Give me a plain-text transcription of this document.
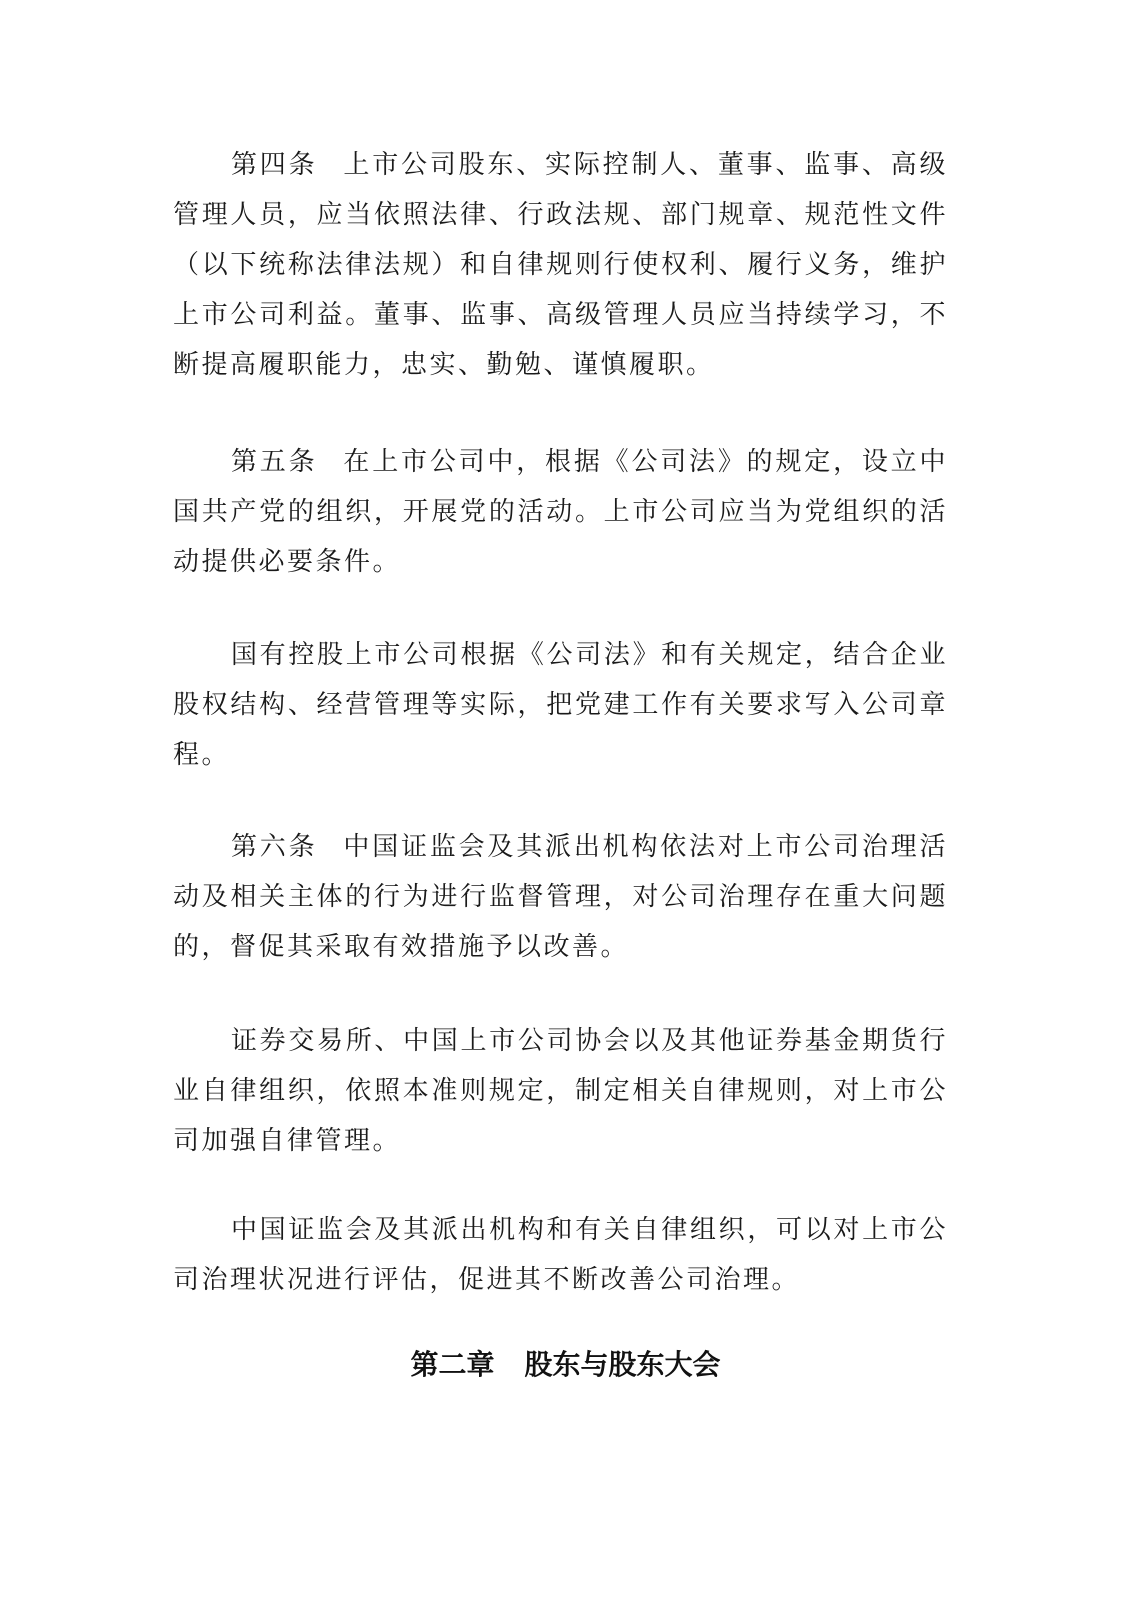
第四条 上市公司股东、实际控制人、董事、监事、高级管理人员，应当依照法律、行政法规、部门规章、规范性文件（以下统称法律法规）和自律规则行使权利、履行义务，维护上市公司利益。董事、监事、高级管理人员应当持续学习，不断提高履职能力，忠实、勤勉、谨慎履职。

第五条 在上市公司中，根据《公司法》的规定，设立中国共产党的组织，开展党的活动。上市公司应当为党组织的活动提供必要条件。

国有控股上市公司根据《公司法》和有关规定，结合企业股权结构、经营管理等实际，把党建工作有关要求写入公司章程。

第六条 中国证监会及其派出机构依法对上市公司治理活动及相关主体的行为进行监督管理，对公司治理存在重大问题的，督促其采取有效措施予以改善。

证券交易所、中国上市公司协会以及其他证券基金期货行业自律组织，依照本准则规定，制定相关自律规则，对上市公司加强自律管理。

中国证监会及其派出机构和有关自律组织，可以对上市公司治理状况进行评估，促进其不断改善公司治理。

第二章 股东与股东大会
